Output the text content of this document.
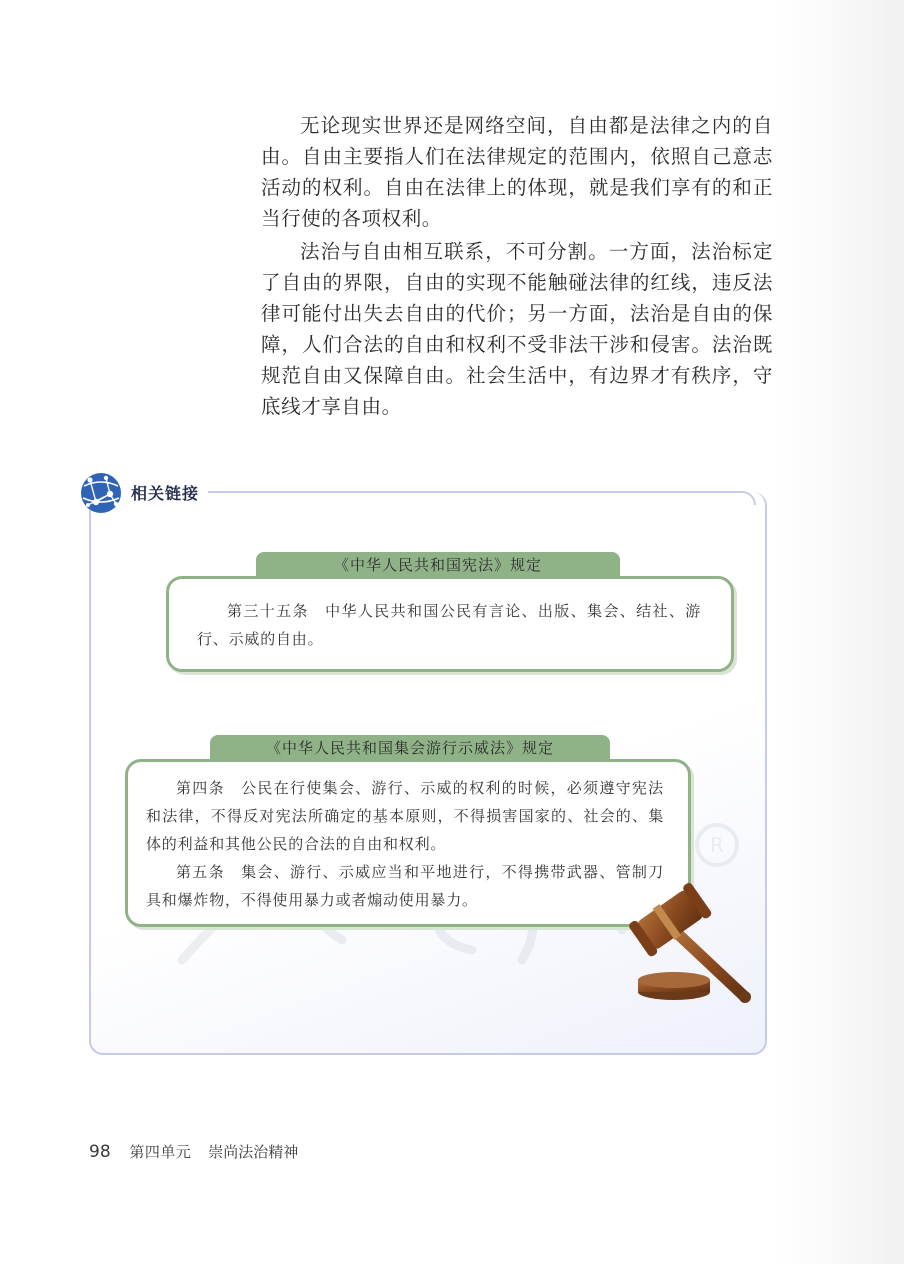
无论现实世界还是网络空间，自由都是法律之内的自由。自由主要指人们在法律规定的范围内，依照自己意志活动的权利。自由在法律上的体现，就是我们享有的和正当行使的各项权利。

法治与自由相互联系，不可分割。一方面，法治标定了自由的界限，自由的实现不能触碰法律的红线，违反法律可能付出失去自由的代价；另一方面，法治是自由的保障，人们合法的自由和权利不受非法干涉和侵害。法治既规范自由又保障自由。社会生活中，有边界才有秩序，守底线才享自由。

相关链接
R

第三十五条　中华人民共和国公民有言论、出版、集会、结社、游行、示威的自由。

《中华人民共和国宪法》规定

第四条　公民在行使集会、游行、示威的权利的时候，必须遵守宪法和法律，不得反对宪法所确定的基本原则，不得损害国家的、社会的、集体的利益和其他公民的合法的自由和权利。

第五条　集会、游行、示威应当和平地进行，不得携带武器、管制刀具和爆炸物，不得使用暴力或者煽动使用暴力。

《中华人民共和国集会游行示威法》规定
98 第四单元 崇尚法治精神
